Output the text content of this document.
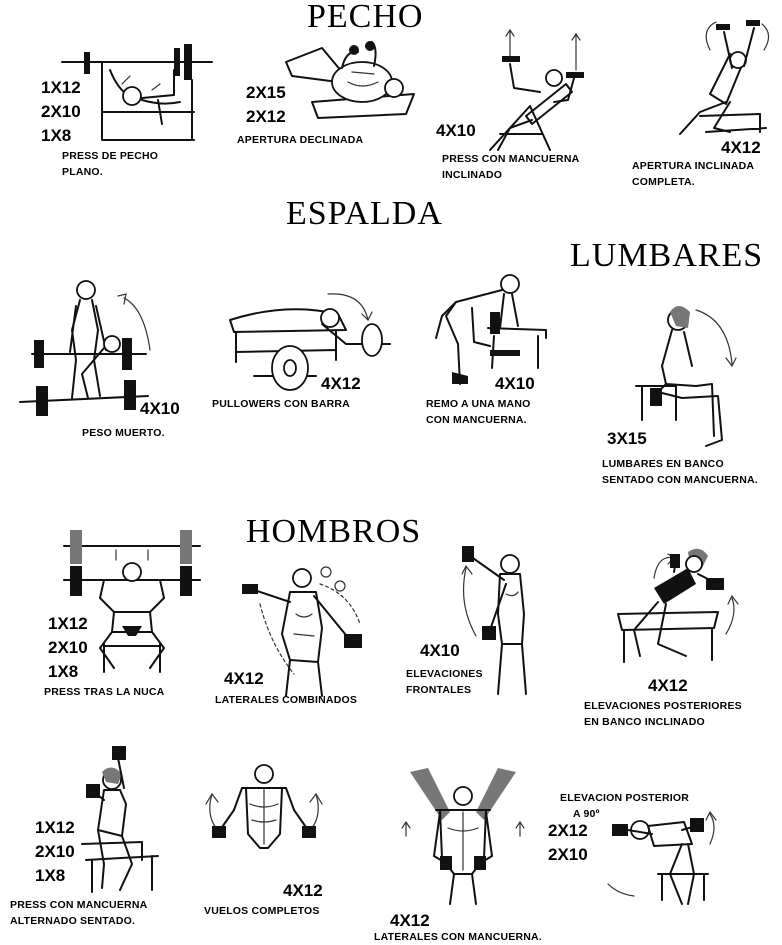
PECHO
ESPALDA
LUMBARES
HOMBROS
1X12
2X10
1X8
PRESS DE PECHO
PLANO.
2X15
2X12
APERTURA DECLINADA	4X10
PRESS CON MANCUERNA
INCLINADO
4X12
APERTURA INCLINADA
COMPLETA.
4X10
PESO MUERTO.
4X12
PULLOWERS CON BARRA
4X10
REMO A UNA MANO
CON MANCUERNA.
3X15
LUMBARES EN BANCO
SENTADO CON MANCUERNA.
1X12
2X10
1X8
PRESS TRAS LA NUCA
4X12
LATERALES COMBINADOS
4X10
ELEVACIONES
FRONTALES	4X12
ELEVACIONES POSTERIORES
EN BANCO INCLINADO
1X12
2X10
1X8
PRESS CON MANCUERNA
ALTERNADO SENTADO.
4X12
VUELOS COMPLETOS	4X12
LATERALES CON MANCUERNA.
ELEVACION POSTERIOR
A 90º
2X12
2X10
